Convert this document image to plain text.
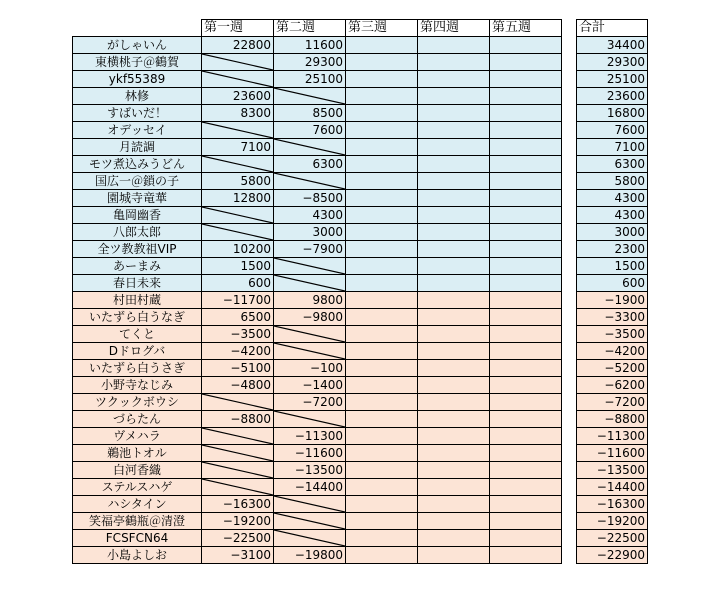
	第一週	第二週	第三週	第四週	第五週		合計
がしゃいん	22800	11600					34400
東横桃子＠鶴賀		29300					29300
ykf55389		25100					25100
林修	23600						23600
すばいだ！	8300	8500					16800
オデッセイ		7600					7600
月読調	7100						7100
モツ煮込みうどん		6300					6300
国広一＠鎖の子	5800						5800
園城寺竜華	12800	−8500					4300
亀岡幽香		4300					4300
八郎太郎		3000					3000
全ツ教教祖VIP	10200	−7900					2300
あーまみ	1500						1500
春日未来	600						600
村田村蔵	−11700	9800					−1900
いたずら白うなぎ	6500	−9800					−3300
てくと	−3500						−3500
Dドログバ	−4200						−4200
いたずら白うさぎ	−5100	−100					−5200
小野寺なじみ	−4800	−1400					−6200
ツクックボウシ		−7200					−7200
づらたん	−8800						−8800
ヴメハラ		−11300					−11300
鵜池トオル		−11600					−11600
白河香織		−13500					−13500
ステルスハゲ		−14400					−14400
ハシタイン	−16300						−16300
笑福亭鶴瓶＠清澄	−19200						−19200
FCSFCN64	−22500						−22500
小島よしお	−3100	−19800					−22900
